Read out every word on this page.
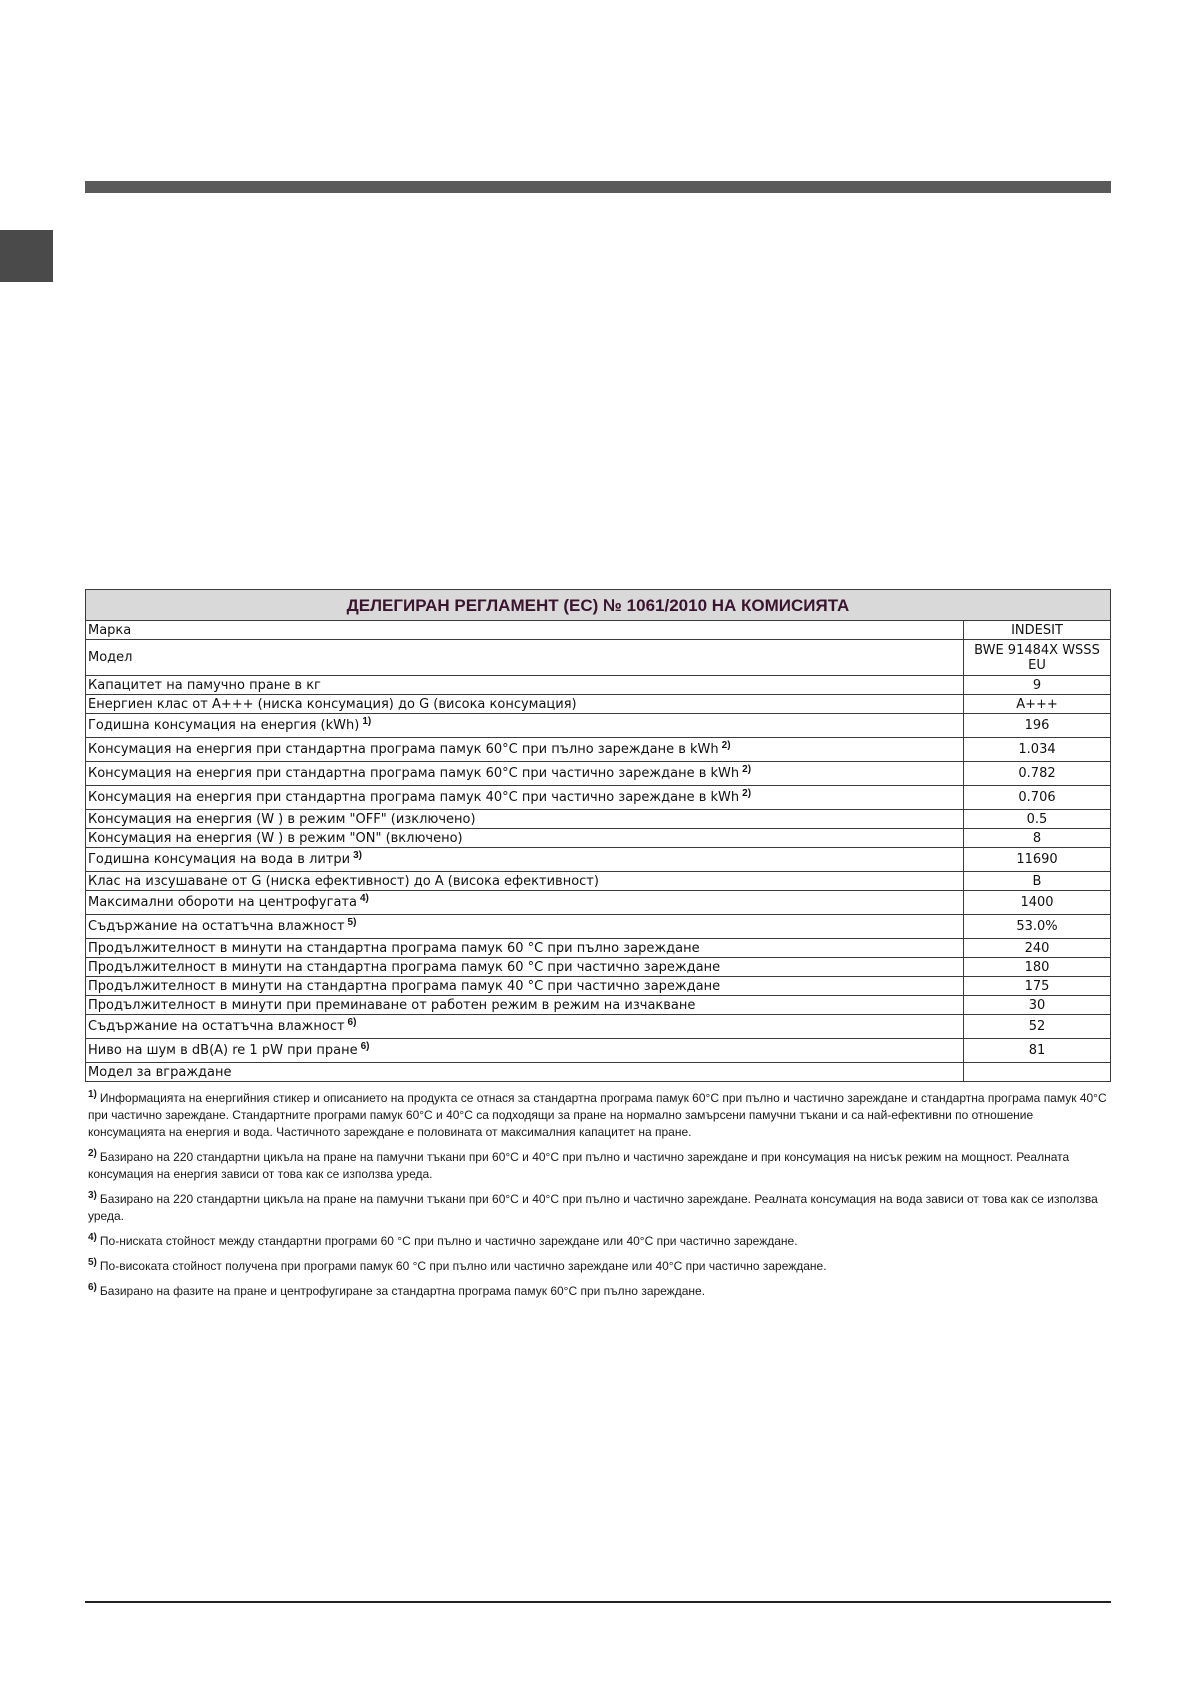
ДЕЛЕГИРАН РЕГЛАМЕНТ (ЕС) № 1061/2010 НА КОМИСИЯТА	
Марка	INDESIT
Модел	BWE 91484X WSSS EU
Капацитет на памучно пране в кг	9
Енергиен клас от A+++ (ниска консумация) до G (висока консумация)	A+++
Годишна консумация на енергия (kWh) $^{1)}$	196
Консумация на енергия при стандартна програма памук 60°C при пълно зареждане в kWh $^{2)}$	1.034
Консумация на енергия при стандартна програма памук 60°C при частично зареждане в kWh $^{2)}$	0.782
Консумация на енергия при стандартна програма памук 40°C при частично зареждане в kWh $^{2)}$	0.706
Консумация на енергия (W ) в режим "OFF" (изключено)	0.5
Консумация на енергия (W ) в режим "ON" (включено)	8
Годишна консумация на вода в литри $^{3)}$	11690
Клас на изсушаване от G (ниска ефективност) до A (висока ефективност)	B
Максимални обороти на центрофугата $^{4)}$	1400
Съдържание на остатъчна влажност $^{5)}$	53.0%
Продължителност в минути на стандартна програма памук 60 °C при пълно зареждане	240
Продължителност в минути на стандартна програма памук 60 °C при частично зареждане	180
Продължителност в минути на стандартна програма памук 40 °C при частично зареждане	175
Продължителност в минути при преминаване от работен режим в режим на изчакване	30
Съдържание на остатъчна влажност $^{6)}$	52
Ниво на шум в dB(A) re 1 pW при пране $^{6)}$	81
Модел за вграждане	

$^{1)}$ Информацията на енергийния стикер и описанието на продукта се отнася за стандартна програма памук 60°C при пълно и частично зареждане и стандартна програма памук 40°C при частично зареждане. Стандартните програми памук 60°C и 40°C са подходящи за пране на нормално замърсени памучни тъкани и са най-ефективни по отношение консумацията на енергия и вода. Частичното зареждане е половината от максималния капацитет на пране.

$^{2)}$ Базирано на 220 стандартни цикъла на пране на памучни тъкани при 60°C и 40°C при пълно и частично зареждане и при консумация на нисък режим на мощност. Реалната консумация на енергия зависи от това как се използва уреда.

$^{3)}$ Базирано на 220 стандартни цикъла на пране на памучни тъкани при 60°C и 40°C при пълно и частично зареждане. Реалната консумация на вода зависи от това как се използва уреда.

$^{4)}$ По-ниската стойност между стандартни програми 60 °C при пълно и частично зареждане или 40°C при частично зареждане.

$^{5)}$ По-високата стойност получена при програми памук 60 °C при пълно или частично зареждане или 40°C при частично зареждане.

$^{6)}$ Базирано на фазите на пране и центрофугиране за стандартна програма памук 60°C при пълно зареждане.
